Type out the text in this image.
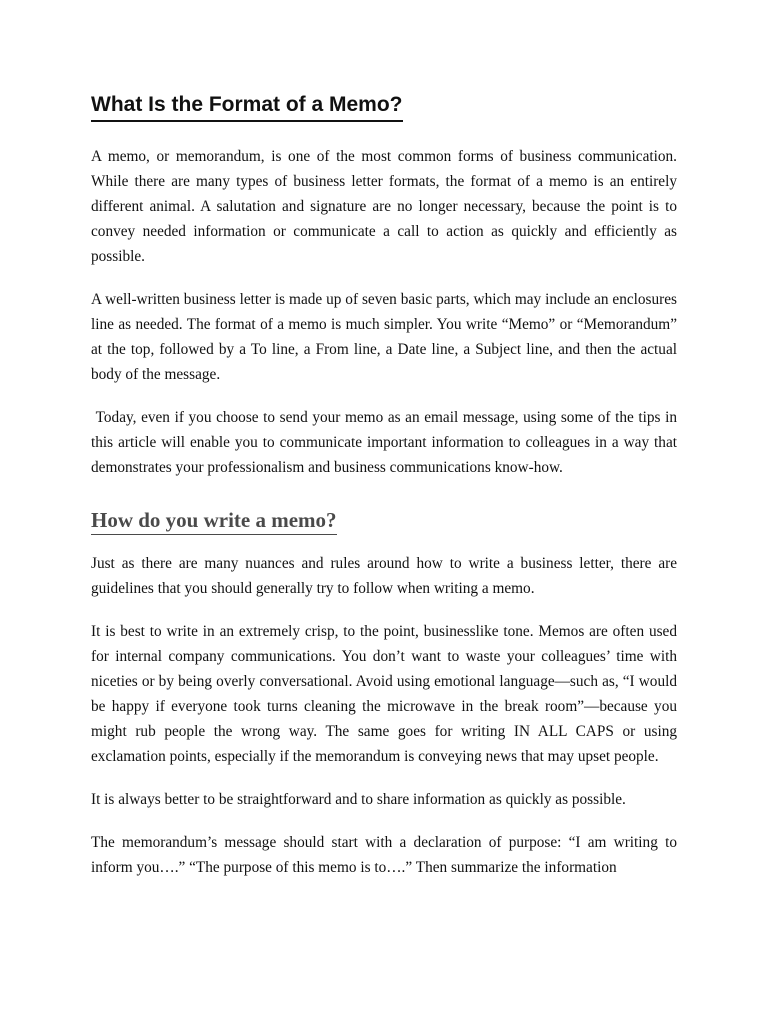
What Is the Format of a Memo?

A memo, or memorandum, is one of the most common forms of business communication. While there are many types of business letter formats, the format of a memo is an entirely different animal. A salutation and signature are no longer necessary, because the point is to convey needed information or communicate a call to action as quickly and efficiently as possible.

A well-written business letter is made up of seven basic parts, which may include an enclosures line as needed. The format of a memo is much simpler. You write “Memo” or “Memorandum” at the top, followed by a To line, a From line, a Date line, a Subject line, and then the actual body of the message.

Today, even if you choose to send your memo as an email message, using some of the tips in this article will enable you to communicate important information to colleagues in a way that demonstrates your professionalism and business communications know-how.

How do you write a memo?

Just as there are many nuances and rules around how to write a business letter, there are guidelines that you should generally try to follow when writing a memo.

It is best to write in an extremely crisp, to the point, businesslike tone. Memos are often used for internal company communications. You don’t want to waste your colleagues’ time with niceties or by being overly conversational. Avoid using emotional language—such as, “I would be happy if everyone took turns cleaning the microwave in the break room”—because you might rub people the wrong way. The same goes for writing IN ALL CAPS or using exclamation points, especially if the memorandum is conveying news that may upset people.

It is always better to be straightforward and to share information as quickly as possible.

The memorandum’s message should start with a declaration of purpose: “I am writing to inform you….” “The purpose of this memo is to….” Then summarize the information
